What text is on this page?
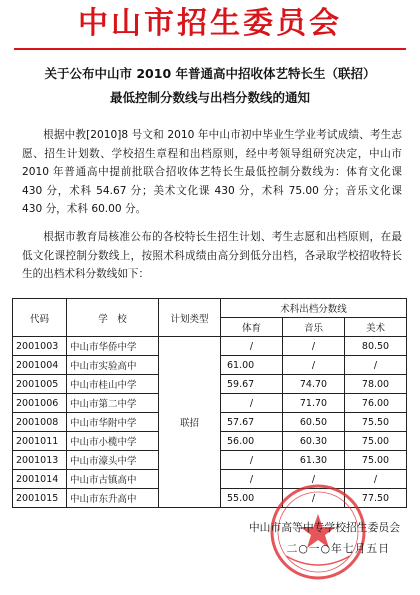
中山市招生委员会
关于公布中山市 2010 年普通高中招收体艺特长生（联招）
最低控制分数线与出档分数线的通知
根据中教[2010]8 号文和 2010 年中山市初中毕业生学业考试成绩、考生志愿、招生计划数、学校招生章程和出档原则，经中考领导组研究决定，中山市 2010 年普通高中提前批联合招收体艺特长生最低控制分数线为：体育文化课 430 分，术科 54.67 分；美术文化课 430 分，术科 75.00 分；音乐文化课 430 分，术科 60.00 分。
根据市教育局核准公布的各校特长生招生计划、考生志愿和出档原则，在最低文化课控制分数线上，按照术科成绩由高分到低分出档，各录取学校招收特长生的出档术科分数线如下：
代码	学　校	计划类型	术科出档分数线		
			体育	音乐	美术
2001003	中山市华侨中学	联招	/	/	80.50
2001004	中山市实验高中		61.00	/	/
2001005	中山市桂山中学		59.67	74.70	78.00
2001006	中山市第二中学		/	71.70	76.00
2001008	中山市华附中学		57.67	60.50	75.50
2001011	中山市小榄中学		56.00	60.30	75.00
2001013	中山市濠头中学		/	61.30	75.00
2001014	中山市古镇高中		/	/	/
2001015	中山市东升高中		55.00	/	77.50
中山市高等中专学校招生委员会
二○一○年七月五日
